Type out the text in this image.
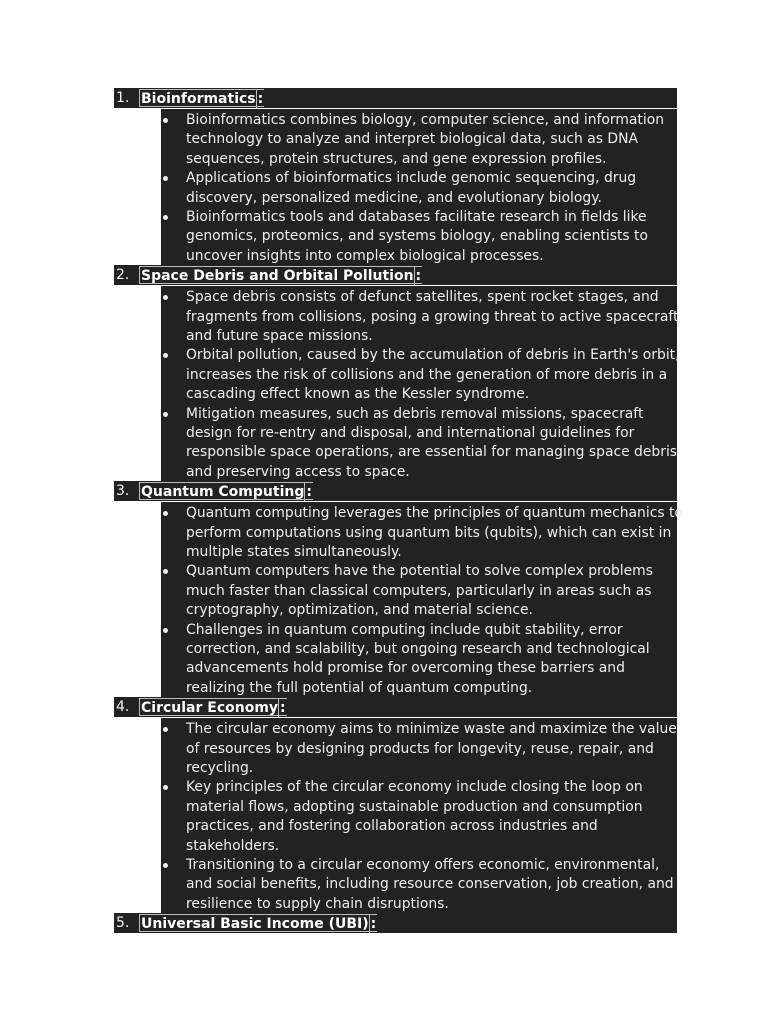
1. Bioinformatics :
Bioinformatics combines biology, computer science, and information
technology to analyze and interpret biological data, such as DNA
sequences, protein structures, and gene expression profiles.
Applications of bioinformatics include genomic sequencing, drug
discovery, personalized medicine, and evolutionary biology.
Bioinformatics tools and databases facilitate research in fields like
genomics, proteomics, and systems biology, enabling scientists to
uncover insights into complex biological processes.
2. Space Debris and Orbital Pollution :
Space debris consists of defunct satellites, spent rocket stages, and
fragments from collisions, posing a growing threat to active spacecraft
and future space missions.
Orbital pollution, caused by the accumulation of debris in Earth's orbit,
increases the risk of collisions and the generation of more debris in a
cascading effect known as the Kessler syndrome.
Mitigation measures, such as debris removal missions, spacecraft
design for re-entry and disposal, and international guidelines for
responsible space operations, are essential for managing space debris
and preserving access to space.
3. Quantum Computing :
Quantum computing leverages the principles of quantum mechanics to
perform computations using quantum bits (qubits), which can exist in
multiple states simultaneously.
Quantum computers have the potential to solve complex problems
much faster than classical computers, particularly in areas such as
cryptography, optimization, and material science.
Challenges in quantum computing include qubit stability, error
correction, and scalability, but ongoing research and technological
advancements hold promise for overcoming these barriers and
realizing the full potential of quantum computing.
4. Circular Economy :
The circular economy aims to minimize waste and maximize the value
of resources by designing products for longevity, reuse, repair, and
recycling.
Key principles of the circular economy include closing the loop on
material flows, adopting sustainable production and consumption
practices, and fostering collaboration across industries and
stakeholders.
Transitioning to a circular economy offers economic, environmental,
and social benefits, including resource conservation, job creation, and
resilience to supply chain disruptions.
5. Universal Basic Income (UBI) :
